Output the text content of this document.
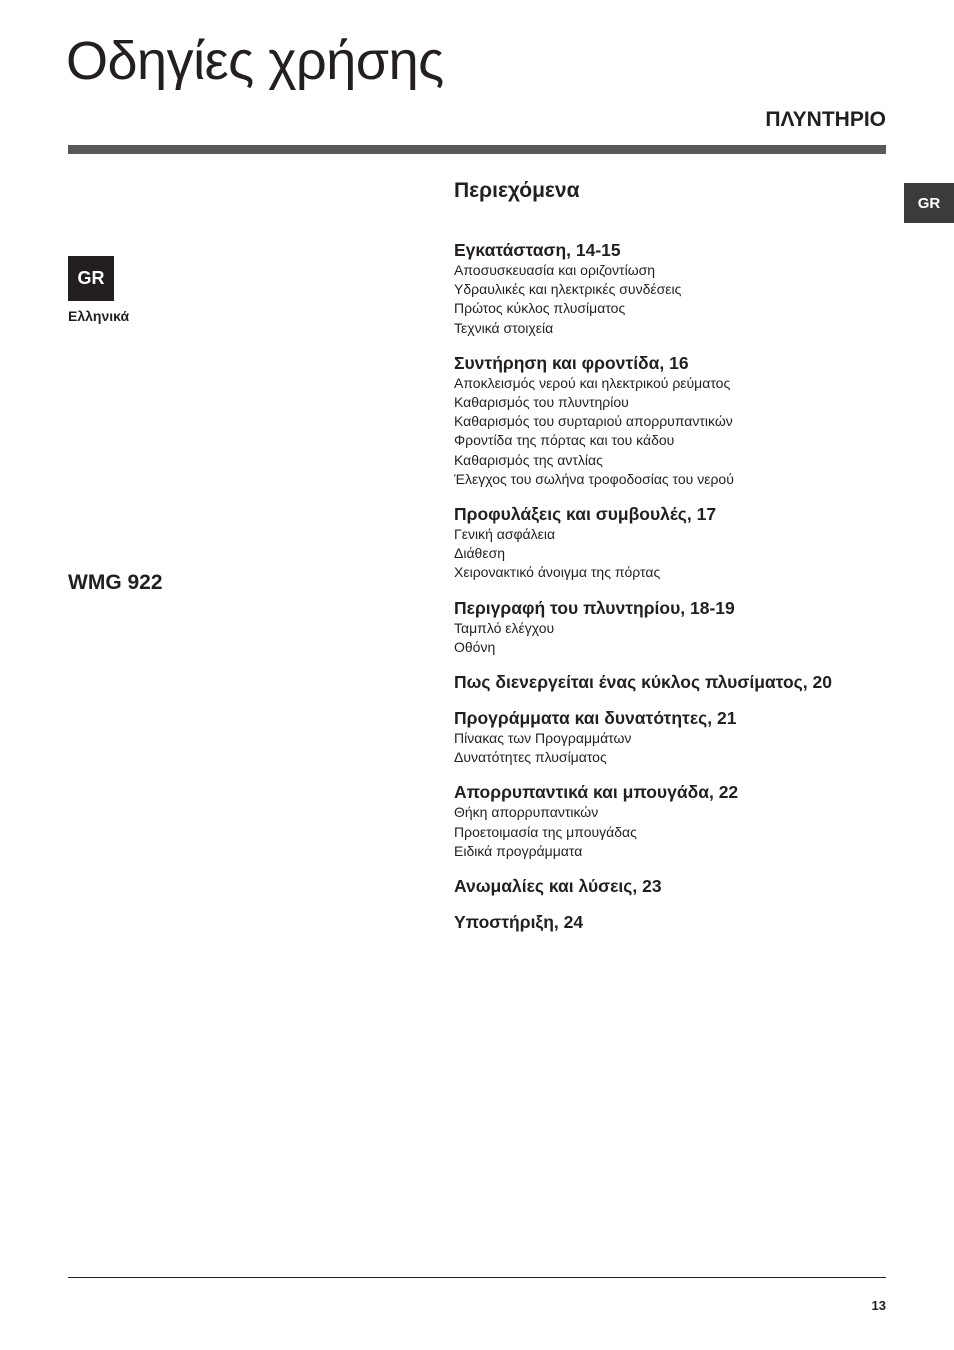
Οδηγίες χρήσης
ΠΛΥΝΤΗΡΙΟ
GR
GR
Ελληνικά
WMG 922
Περιεχόμενα
Εγκατάσταση, 14-15
Αποσυσκευασία και οριζοντίωση
Υδραυλικές και ηλεκτρικές συνδέσεις
Πρώτος κύκλος πλυσίματος
Τεχνικά στοιχεία
Συντήρηση και φροντίδα, 16
Αποκλεισμός νερού και ηλεκτρικού ρεύματος
Καθαρισμός του πλυντηρίου
Καθαρισμός του συρταριού απορρυπαντικών
Φροντίδα της πόρτας και του κάδου
Καθαρισμός της αντλίας
Έλεγχος του σωλήνα τροφοδοσίας του νερού
Προφυλάξεις και συμβουλές, 17
Γενική ασφάλεια
Διάθεση
Χειροναктικό άνοιγμα της πόρτας
Περιγραφή του πλυντηρίου, 18-19
Ταμπλό ελέγχου
Οθόνη
Πως διενεργείται ένας κύκλος πλυσίματος, 20
Προγράμματα και δυνατότητες, 21
Πίνακας των Προγραμμάτων
Δυνατότητες πλυσίματος
Απορρυπαντικά και μπουγάδα, 22
Θήκη απορρυπαντικών
Προετοιμασία της μπουγάδας
Ειδικά προγράμματα
Ανωμαλίες και λύσεις, 23
Υποστήριξη, 24
13
